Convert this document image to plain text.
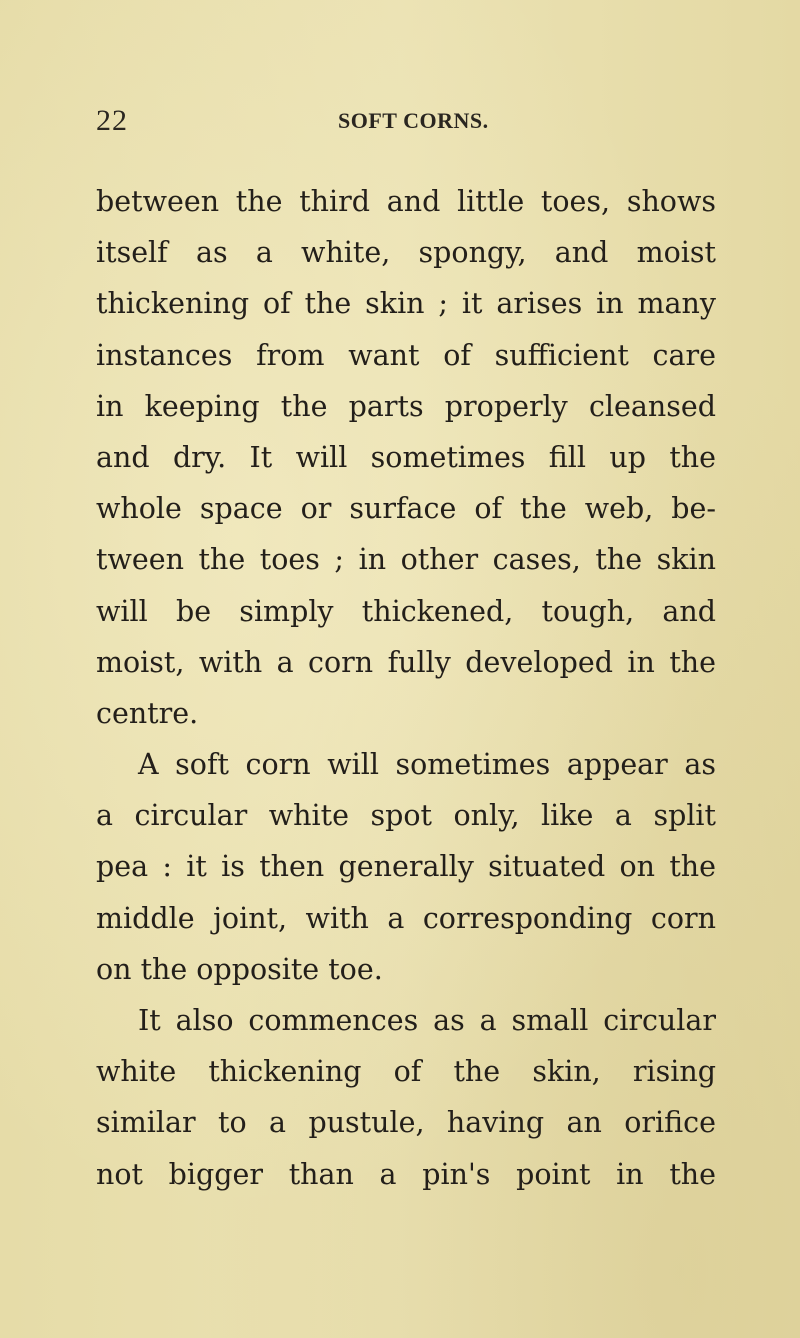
22	SOFT CORNS.
between the third and little toes, shows
itself as a white, spongy, and moist
thickening of the skin ; it arises in many
instances from want of sufficient care
in keeping the parts properly cleansed
and dry. It will sometimes fill up the
whole space or surface of the web, be-
tween the toes ; in other cases, the skin
will be simply thickened, tough, and
moist, with a corn fully developed in the
centre.
A soft corn will sometimes appear as
a circular white spot only, like a split
pea : it is then generally situated on the
middle joint, with a corresponding corn
on the opposite toe.
It also commences as a small circular
white thickening of the skin, rising
similar to a pustule, having an orifice
not bigger than a pin's point in the
